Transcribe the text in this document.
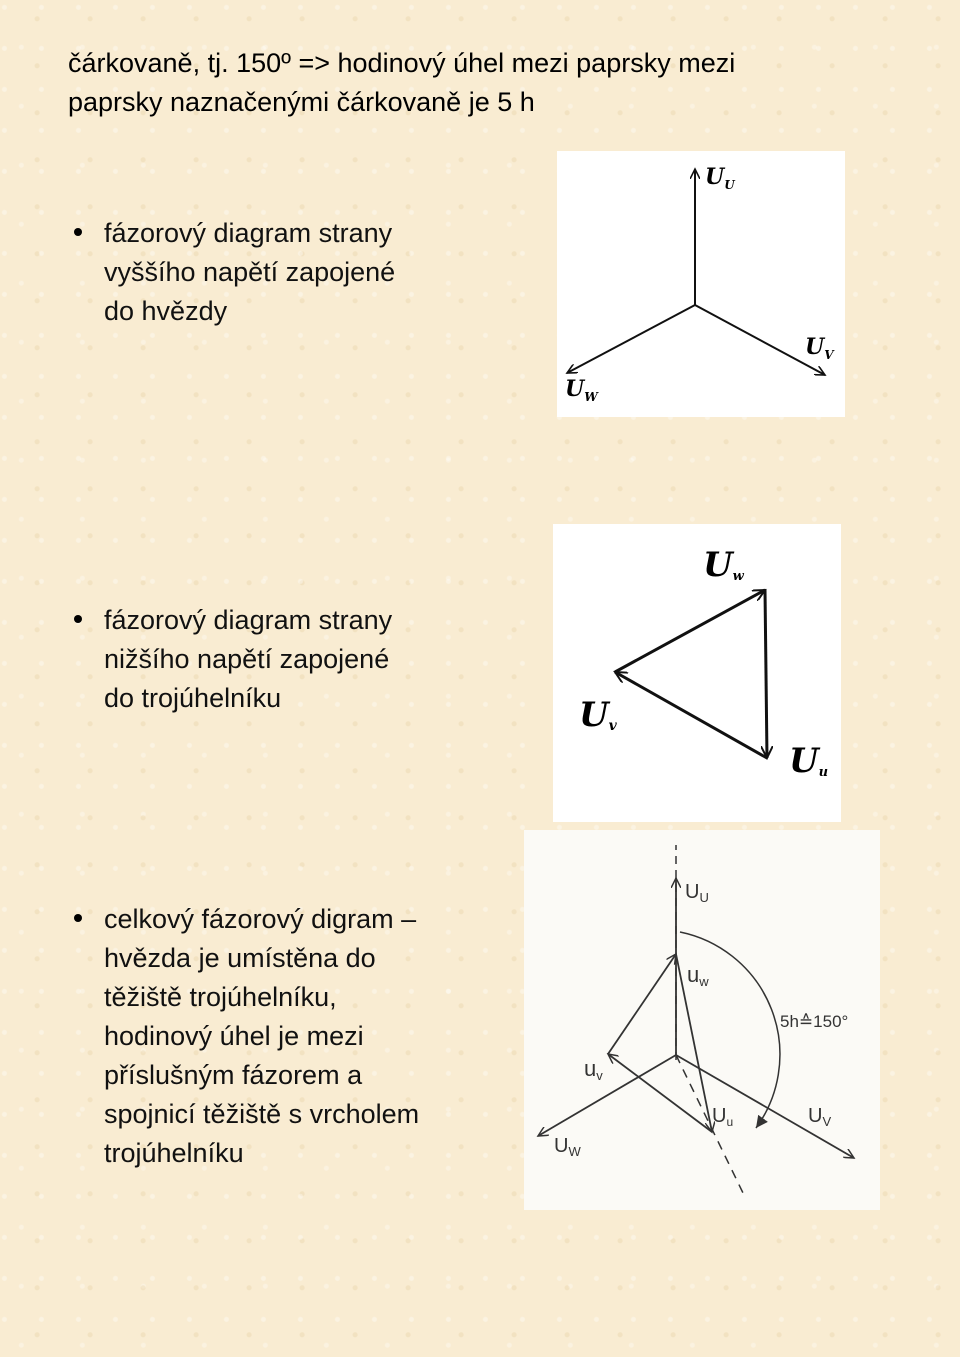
čárkovaně, tj. 150º => hodinový úhel mezi paprsky mezi

paprsky naznačenými čárkovaně je 5 h

fázorový diagram strany

vyššího napětí zapojené

do hvězdy

fázorový diagram strany

nižšího napětí zapojené

do trojúhelníku

celkový fázorový digram –

hvězda je umístěna do

těžiště trojúhelníku,

hodinový úhel je mezi

příslušným fázorem a

spojnicí těžiště s vrcholem

trojúhelníku

$U_U$
$U_V$
$U_W$
Uw
Uv
Uu
$U_U$
uw
uv
$U_u$	$U_V$
$U_W$
5h≙150°
